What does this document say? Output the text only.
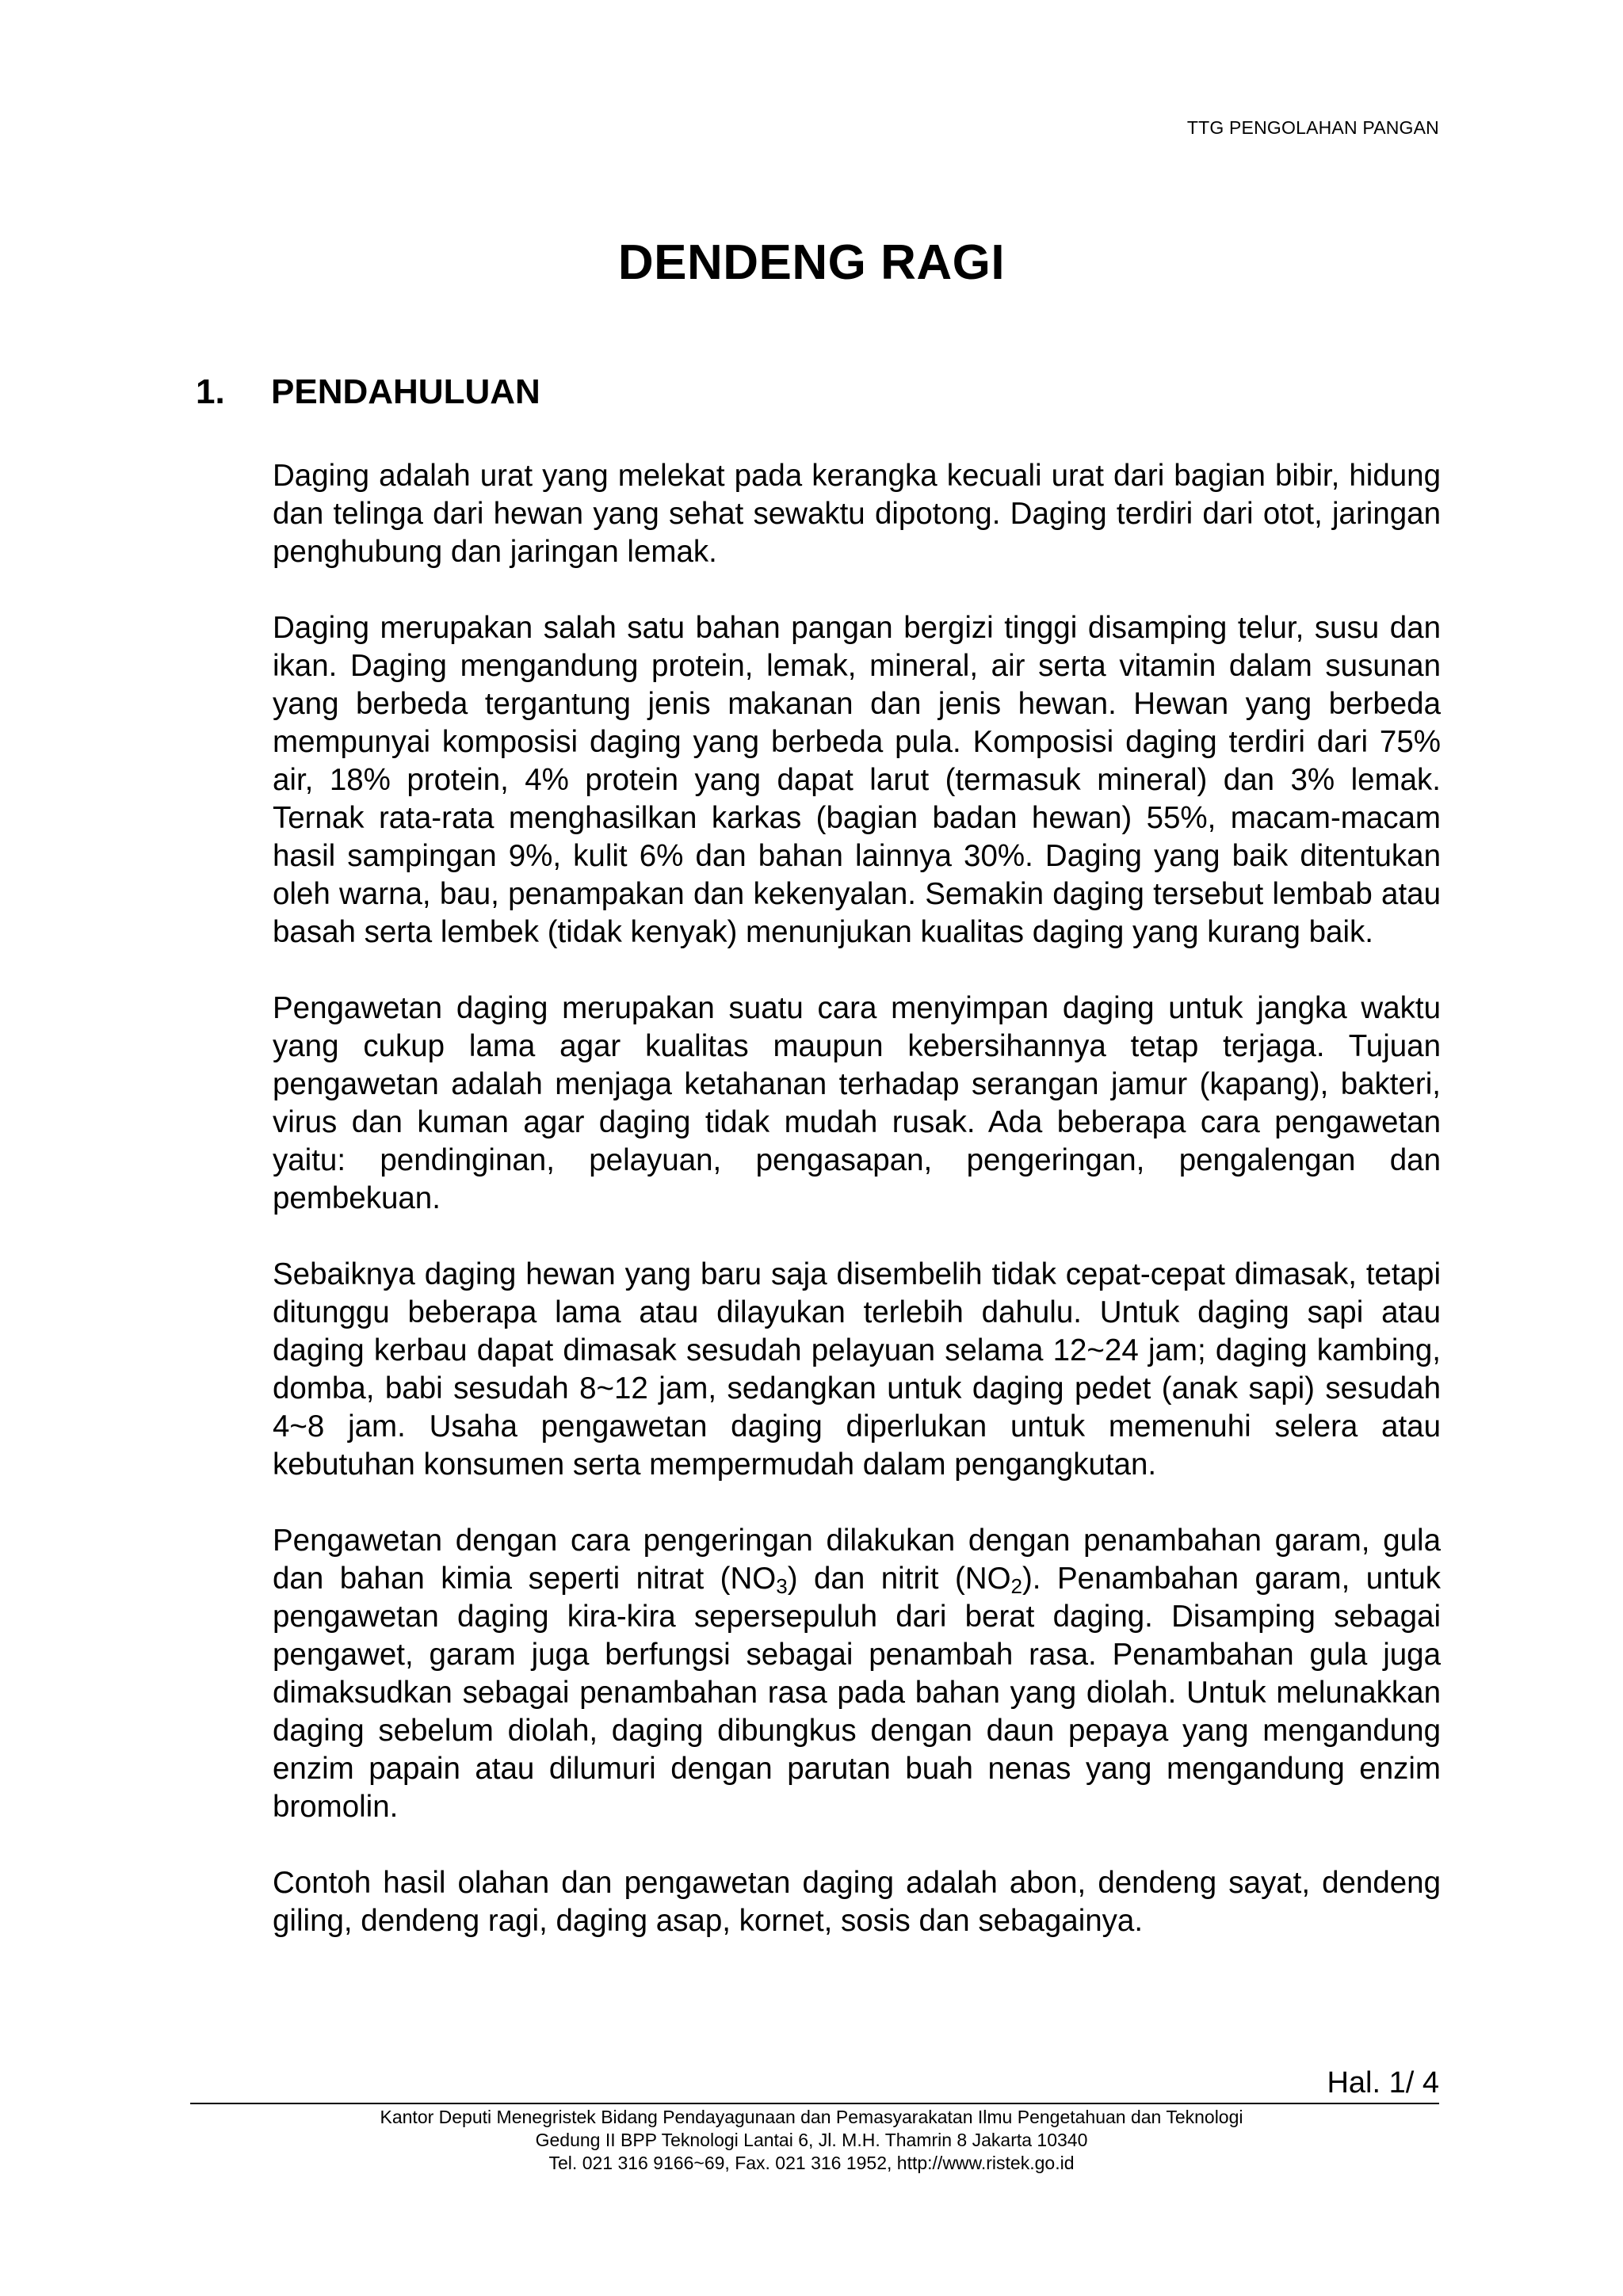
TTG PENGOLAHAN PANGAN
DENDENG RAGI
1.	PENDAHULUAN

Daging adalah urat yang melekat pada kerangka kecuali urat dari bagian bibir, hidung dan telinga dari hewan yang sehat sewaktu dipotong. Daging terdiri dari otot, jaringan penghubung dan jaringan lemak.

Daging merupakan salah satu bahan pangan bergizi tinggi disamping telur, susu dan ikan. Daging mengandung protein, lemak, mineral, air serta vitamin dalam susunan yang berbeda tergantung jenis makanan dan jenis hewan. Hewan yang berbeda mempunyai komposisi daging yang berbeda pula. Komposisi daging terdiri dari 75% air, 18% protein, 4% protein yang dapat larut (termasuk mineral) dan 3% lemak. Ternak rata-rata menghasilkan karkas (bagian badan hewan) 55%, macam-macam hasil sampingan 9%, kulit 6% dan bahan lainnya 30%. Daging yang baik ditentukan oleh warna, bau, penampakan dan kekenyalan. Semakin daging tersebut lembab atau basah serta lembek (tidak kenyak) menunjukan kualitas daging yang kurang baik.

Pengawetan daging merupakan suatu cara menyimpan daging untuk jangka waktu yang cukup lama agar kualitas maupun kebersihannya tetap terjaga. Tujuan pengawetan adalah menjaga ketahanan terhadap serangan jamur (kapang), bakteri, virus dan kuman agar daging tidak mudah rusak. Ada beberapa cara pengawetan yaitu: pendinginan, pelayuan, pengasapan, pengeringan, pengalengan dan pembekuan.

Sebaiknya daging hewan yang baru saja disembelih tidak cepat-cepat dimasak, tetapi ditunggu beberapa lama atau dilayukan terlebih dahulu. Untuk daging sapi atau daging kerbau dapat dimasak sesudah pelayuan selama 12~24 jam; daging kambing, domba, babi sesudah 8~12 jam, sedangkan untuk daging pedet (anak sapi) sesudah 4~8 jam. Usaha pengawetan daging diperlukan untuk memenuhi selera atau kebutuhan konsumen serta mempermudah dalam pengangkutan.

Pengawetan dengan cara pengeringan dilakukan dengan penambahan garam, gula dan bahan kimia seperti nitrat $(NO_3)$ dan nitrit $(NO_2)$. Penambahan garam, untuk pengawetan daging kira-kira sepersepuluh dari berat daging. Disamping sebagai pengawet, garam juga berfungsi sebagai penambah rasa. Penambahan gula juga dimaksudkan sebagai penambahan rasa pada bahan yang diolah. Untuk melunakkan daging sebelum diolah, daging dibungkus dengan daun pepaya yang mengandung enzim papain atau dilumuri dengan parutan buah nenas yang mengandung enzim bromolin.

Contoh hasil olahan dan pengawetan daging adalah abon, dendeng sayat, dendeng giling, dendeng ragi, daging asap, kornet, sosis dan sebagainya.

Hal. 1/ 4
Kantor Deputi Menegristek Bidang Pendayagunaan dan Pemasyarakatan Ilmu Pengetahuan dan Teknologi
Gedung II BPP Teknologi Lantai 6, Jl. M.H. Thamrin 8 Jakarta 10340
Tel. 021 316 9166~69, Fax. 021 316 1952, http://www.ristek.go.id
